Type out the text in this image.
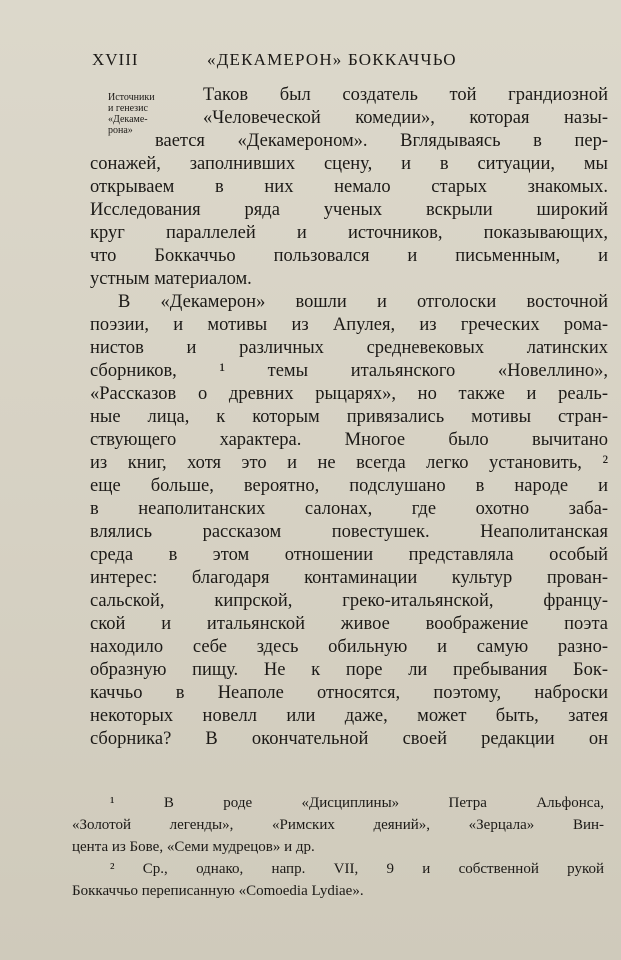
XVIII	«ДЕКАМЕРОН» БОККАЧЧЬО
Источники
и генезис
«Декаме-
рона»
Таков был создатель той грандиозной
«Человеческой комедии», которая назы-
вается «Декамероном». Вглядываясь в пер-
сонажей, заполнивших сцену, и в ситуации, мы
открываем в них немало старых знакомых.
Исследования ряда ученых вскрыли широкий
круг параллелей и источников, показывающих,
что Боккаччьо пользовался и письменным, и
устным материалом.
В «Декамерон» вошли и отголоски восточной
поэзии, и мотивы из Апулея, из греческих рома-
нистов и различных средневековых латинских
сборников, ¹ темы итальянского «Новеллино»,
«Рассказов о древних рыцарях», но также и реаль-
ные лица, к которым привязались мотивы стран-
ствующего характера. Многое было вычитано
из книг, хотя это и не всегда легко установить, ²
еще больше, вероятно, подслушано в народе и
в неаполитанских салонах, где охотно заба-
влялись рассказом повестушек. Неаполитанская
среда в этом отношении представляла особый
интерес: благодаря контаминации культур прован-
сальской, кипрской, греко-итальянской, францу-
ской и итальянской живое воображение поэта
находило себе здесь обильную и самую разно-
образную пищу. Не к поре ли пребывания Бок-
каччьо в Неаполе относятся, поэтому, наброски
некоторых новелл или даже, может быть, затея
сборника? В окончательной своей редакции он
¹ В роде «Дисциплины» Петра Альфонса,
«Золотой легенды», «Римских деяний», «Зерцала» Вин-
цента из Бове, «Семи мудрецов» и др.
² Ср., однако, напр. VII, 9 и собственной рукой
Боккаччьо переписанную «Comoedia Lydiae».
